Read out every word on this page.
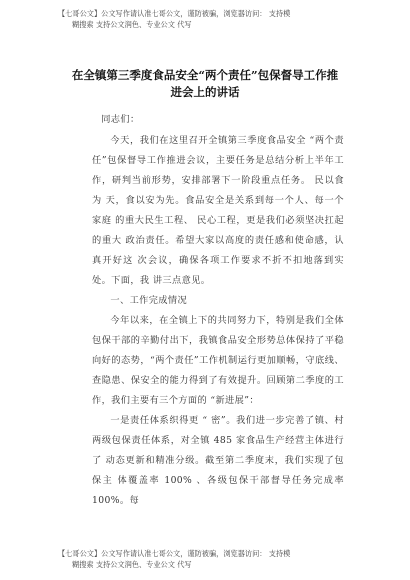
【七哥公文】公文写作请认准七哥公文，谨防被骗，浏览器访问： 支持模
糊搜索 支持公文润色、专业公文 代写
在全镇第三季度食品安全“两个责任”包保督导工作推进会上的讲话

同志们：

今天，我们在这里召开全镇第三季度食品安全 “两个责 任”包保督导工作推进会议，主要任务是总结分析上半年工 作，研判当前形势，安排部署下一阶段重点任务。 民以食为 天，食以安为先。食品安全是关系到每一个人、每一个家庭 的重大民生工程、 民心工程，更是我们必须坚决扛起的重大 政治责任。希望大家以高度的责任感和使命感，认真开好这 次会议，确保各项工作要求不折不扣地落到实处。下面，我 讲三点意见。

一、工作完成情况

今年以来，在全镇上下的共同努力下，特别是我们全体包保干部的辛勤付出下，我镇食品安全形势总体保持了平稳向好的态势，“两个责任”工作机制运行更加顺畅，守底线、查隐患、保安全的能力得到了有效提升。回顾第二季度的工作，我们主要有三个方面的 “新进展”：

一是责任体系织得更 “ 密”。我们进一步完善了镇、村 两级包保责任体系，对全镇 485 家食品生产经营主体进行了 动态更新和精准分级。截至第二季度末，我们实现了包保主 体覆盖率 100% 、各级包保干部督导任务完成率 100%。每

【七哥公文】公文写作请认准七哥公文，谨防被骗，浏览器访问： 支持模
糊搜索 支持公文润色、专业公文 代写
